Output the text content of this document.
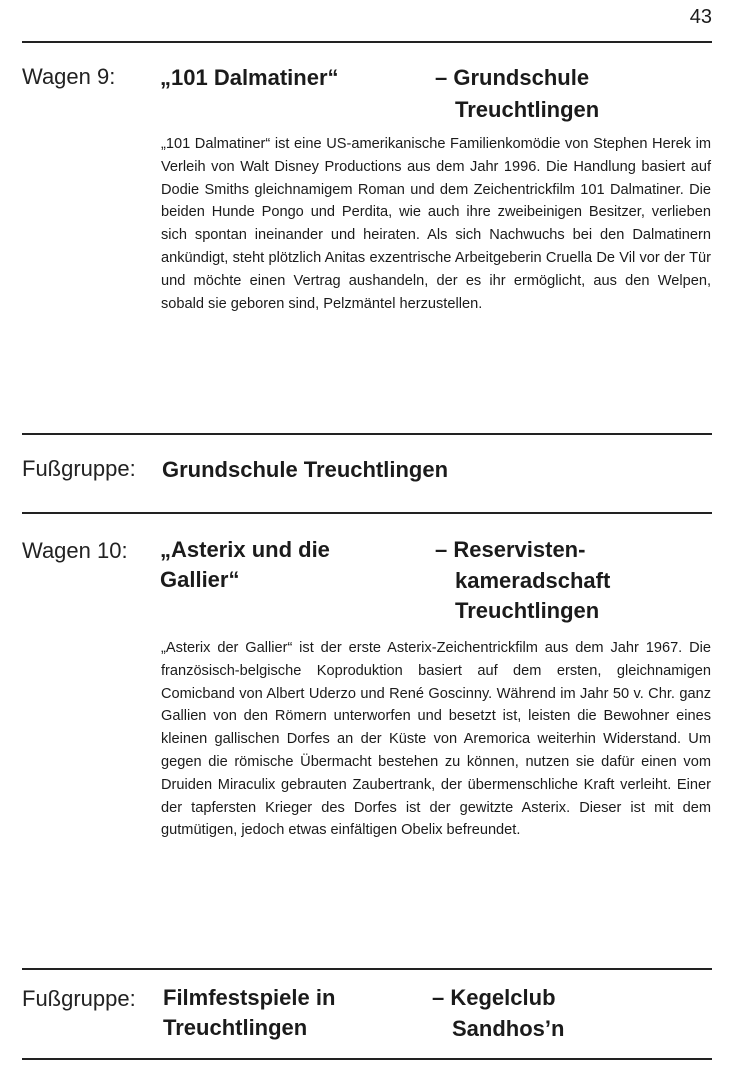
43
Wagen 9: „101 Dalmatiner“	– Grundschule
Treuchtlingen

„101 Dalmatiner“ ist eine US-amerikanische Familienkomödie von Stephen Herek im Verleih von Walt Disney Productions aus dem Jahr 1996. Die Handlung basiert auf Dodie Smiths gleichnamigem Roman und dem Zeichentrickfilm 101 Dalmatiner. Die beiden Hunde Pongo und Perdita, wie auch ihre zweibeinigen Besitzer, verlieben sich spontan ineinander und heiraten. Als sich Nachwuchs bei den Dalmatinern ankündigt, steht plötzlich Anitas exzentrische Arbeitgeberin Cruella De Vil vor der Tür und möchte einen Vertrag aushandeln, der es ihr ermöglicht, aus den Welpen, sobald sie geboren sind, Pelzmäntel herzustellen.

Fußgruppe: Grundschule Treuchtlingen
Wagen 10: „Asterix und die
Gallier“
– Reservisten-
kameradschaft
Treuchtlingen

„Asterix der Gallier“ ist der erste Asterix-Zeichentrickfilm aus dem Jahr 1967. Die französisch-belgische Koproduktion basiert auf dem ersten, gleichnamigen Comicband von Albert Uderzo und René Goscinny. Während im Jahr 50 v. Chr. ganz Gallien von den Römern unterworfen und besetzt ist, leisten die Bewohner eines kleinen gallischen Dorfes an der Küste von Aremorica weiterhin Widerstand. Um gegen die römische Übermacht bestehen zu können, nutzen sie dafür einen vom Druiden Miraculix gebrauten Zaubertrank, der übermenschliche Kraft verleiht. Einer der tapfersten Krieger des Dorfes ist der gewitzte Asterix. Dieser ist mit dem gutmütigen, jedoch etwas einfältigen Obelix befreundet.

Fußgruppe: Filmfestspiele in
Treuchtlingen
– Kegelclub
Sandhos’n
